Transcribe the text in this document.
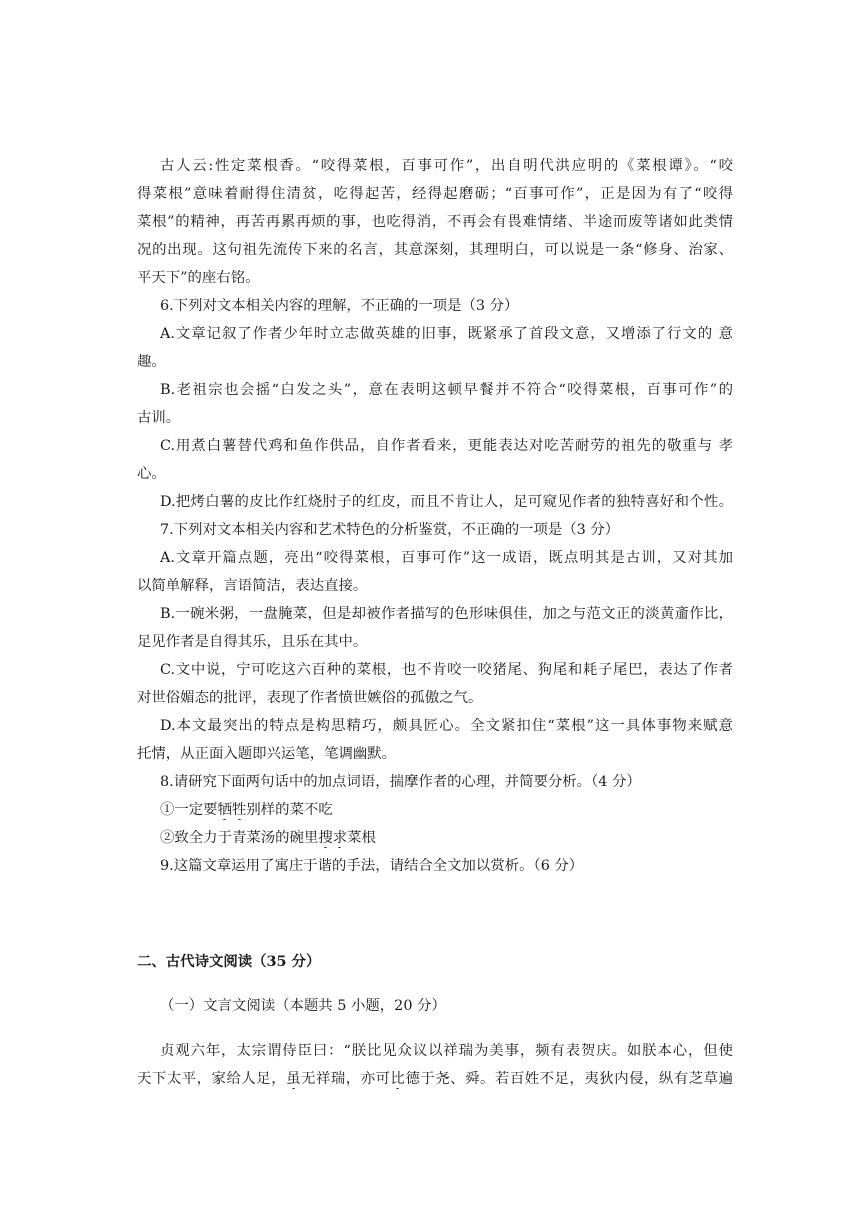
古人云:性定菜根香。“咬得菜根，百事可作”，出自明代洪应明的《菜根谭》。“咬
得菜根”意味着耐得住清贫，吃得起苦，经得起磨砺；“百事可作”，正是因为有了“咬得
菜根”的精神，再苦再累再烦的事，也吃得消，不再会有畏难情绪、半途而废等诸如此类情
况的出现。这句祖先流传下来的名言，其意深刻，其理明白，可以说是一条“修身、治家、
平天下”的座右铭。
6.下列对文本相关内容的理解，不正确的一项是（3 分）
A.文章记叙了作者少年时立志做英雄的旧事，既紧承了首段文意，又增添了行文的 意
趣。
B.老祖宗也会摇“白发之头”，意在表明这顿早餐并不符合“咬得菜根，百事可作”的
古训。
C.用煮白薯替代鸡和鱼作供品，自作者看来，更能表达对吃苦耐劳的祖先的敬重与 孝
心。
D.把烤白薯的皮比作红烧肘子的红皮，而且不肯让人，足可窥见作者的独特喜好和个性。
7.下列对文本相关内容和艺术特色的分析鉴赏，不正确的一项是（3 分）
A.文章开篇点题，亮出“咬得菜根，百事可作”这一成语，既点明其是古训，又对其加
以简单解释，言语简洁，表达直接。
B.一碗米粥，一盘腌菜，但是却被作者描写的色形味俱佳，加之与范文正的淡黄齑作比，
足见作者是自得其乐，且乐在其中。
C.文中说，宁可吃这六百种的菜根，也不肯咬一咬猪尾、狗尾和耗子尾巴，表达了作者
对世俗媚态的批评，表现了作者愤世嫉俗的孤傲之气。
D.本文最突出的特点是构思精巧，颇具匠心。全文紧扣住“菜根”这一具体事物来赋意
托情，从正面入题即兴运笔，笔调幽默。
8.请研究下面两句话中的加点词语，揣摩作者的心理，并简要分析。（4 分）
①一定要牺牲别样的菜不吃
②致全力于青菜汤的碗里搜求菜根
9.这篇文章运用了寓庄于谐的手法，请结合全文加以赏析。（6 分）
二、古代诗文阅读（35 分）
（一）文言文阅读（本题共 5 小题，20 分）
贞观六年，太宗谓侍臣曰：“朕比见众议以祥瑞为美事，频有表贺庆。如朕本心，但使
天下太平，家给人足，虽无祥瑞，亦可比德于尧、舜。若百姓不足，夷狄内侵，纵有芝草遍
